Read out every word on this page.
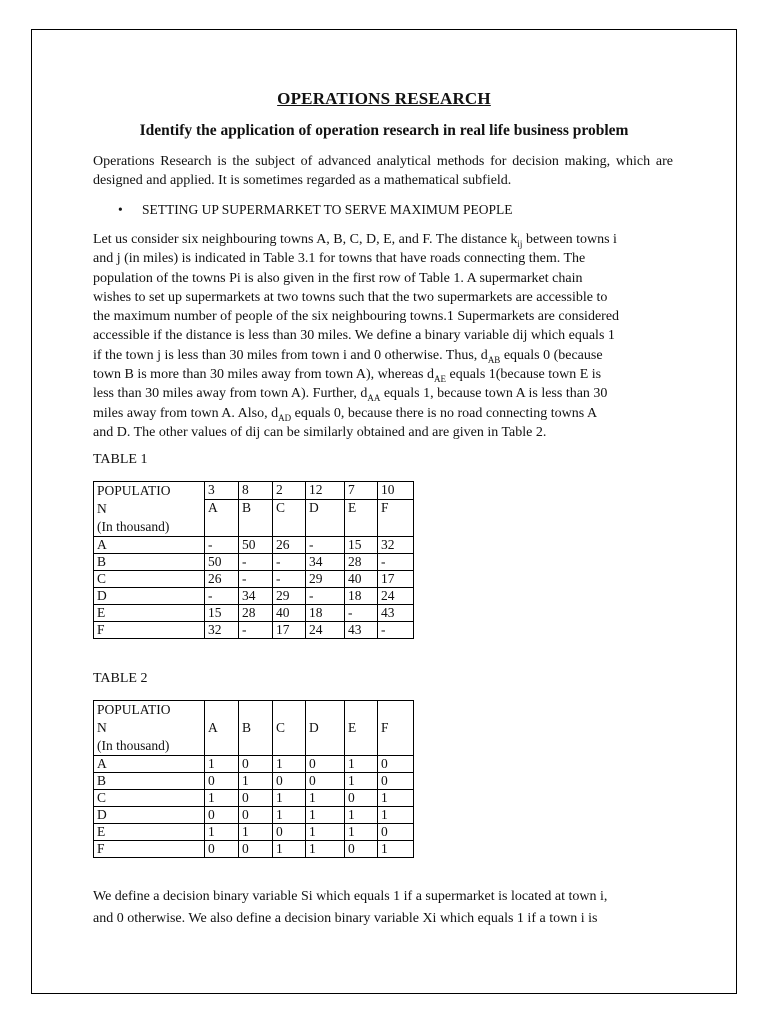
OPERATIONS RESEARCH
Identify the application of operation research in real life business problem
Operations Research is the subject of advanced analytical methods for decision making, which are designed and applied. It is sometimes regarded as a mathematical subfield.
• SETTING UP SUPERMARKET TO SERVE MAXIMUM PEOPLE
Let us consider six neighbouring towns A, B, C, D, E, and F. The distance $k_{ij}$ between towns i
and j (in miles) is indicated in Table 3.1 for towns that have roads connecting them. The
population of the towns Pi is also given in the first row of Table 1. A supermarket chain
wishes to set up supermarkets at two towns such that the two supermarkets are accessible to
the maximum number of people of the six neighbouring towns.1 Supermarkets are considered
accessible if the distance is less than 30 miles. We define a binary variable dij which equals 1
if the town j is less than 30 miles from town i and 0 otherwise. Thus, $d_{AB}$ equals 0 (because
town B is more than 30 miles away from town A), whereas $d_{AE}$ equals 1(because town E is
less than 30 miles away from town A). Further, $d_{AA}$ equals 1, because town A is less than 30
miles away from town A. Also, $d_{AD}$ equals 0, because there is no road connecting towns A
and D. The other values of dij can be similarly obtained and are given in Table 2.
TABLE 1
POPULATIO
N
(In thousand)	3	8	2	12	7	10
	A	B	C	D	E	F
A	-	50	26	-	15	32
B	50	-	-	34	28	-
C	26	-	-	29	40	17
D	-	34	29	-	18	24
E	15	28	40	18	-	43
F	32	-	17	24	43	-
TABLE 2
POPULATIO
N
(In thousand)	A	B	C	D	E	F
A	1	0	1	0	1	0
B	0	1	0	0	1	0
C	1	0	1	1	0	1
D	0	0	1	1	1	1
E	1	1	0	1	1	0
F	0	0	1	1	0	1
We define a decision binary variable Si which equals 1 if a supermarket is located at town i,
and 0 otherwise. We also define a decision binary variable Xi which equals 1 if a town i is
